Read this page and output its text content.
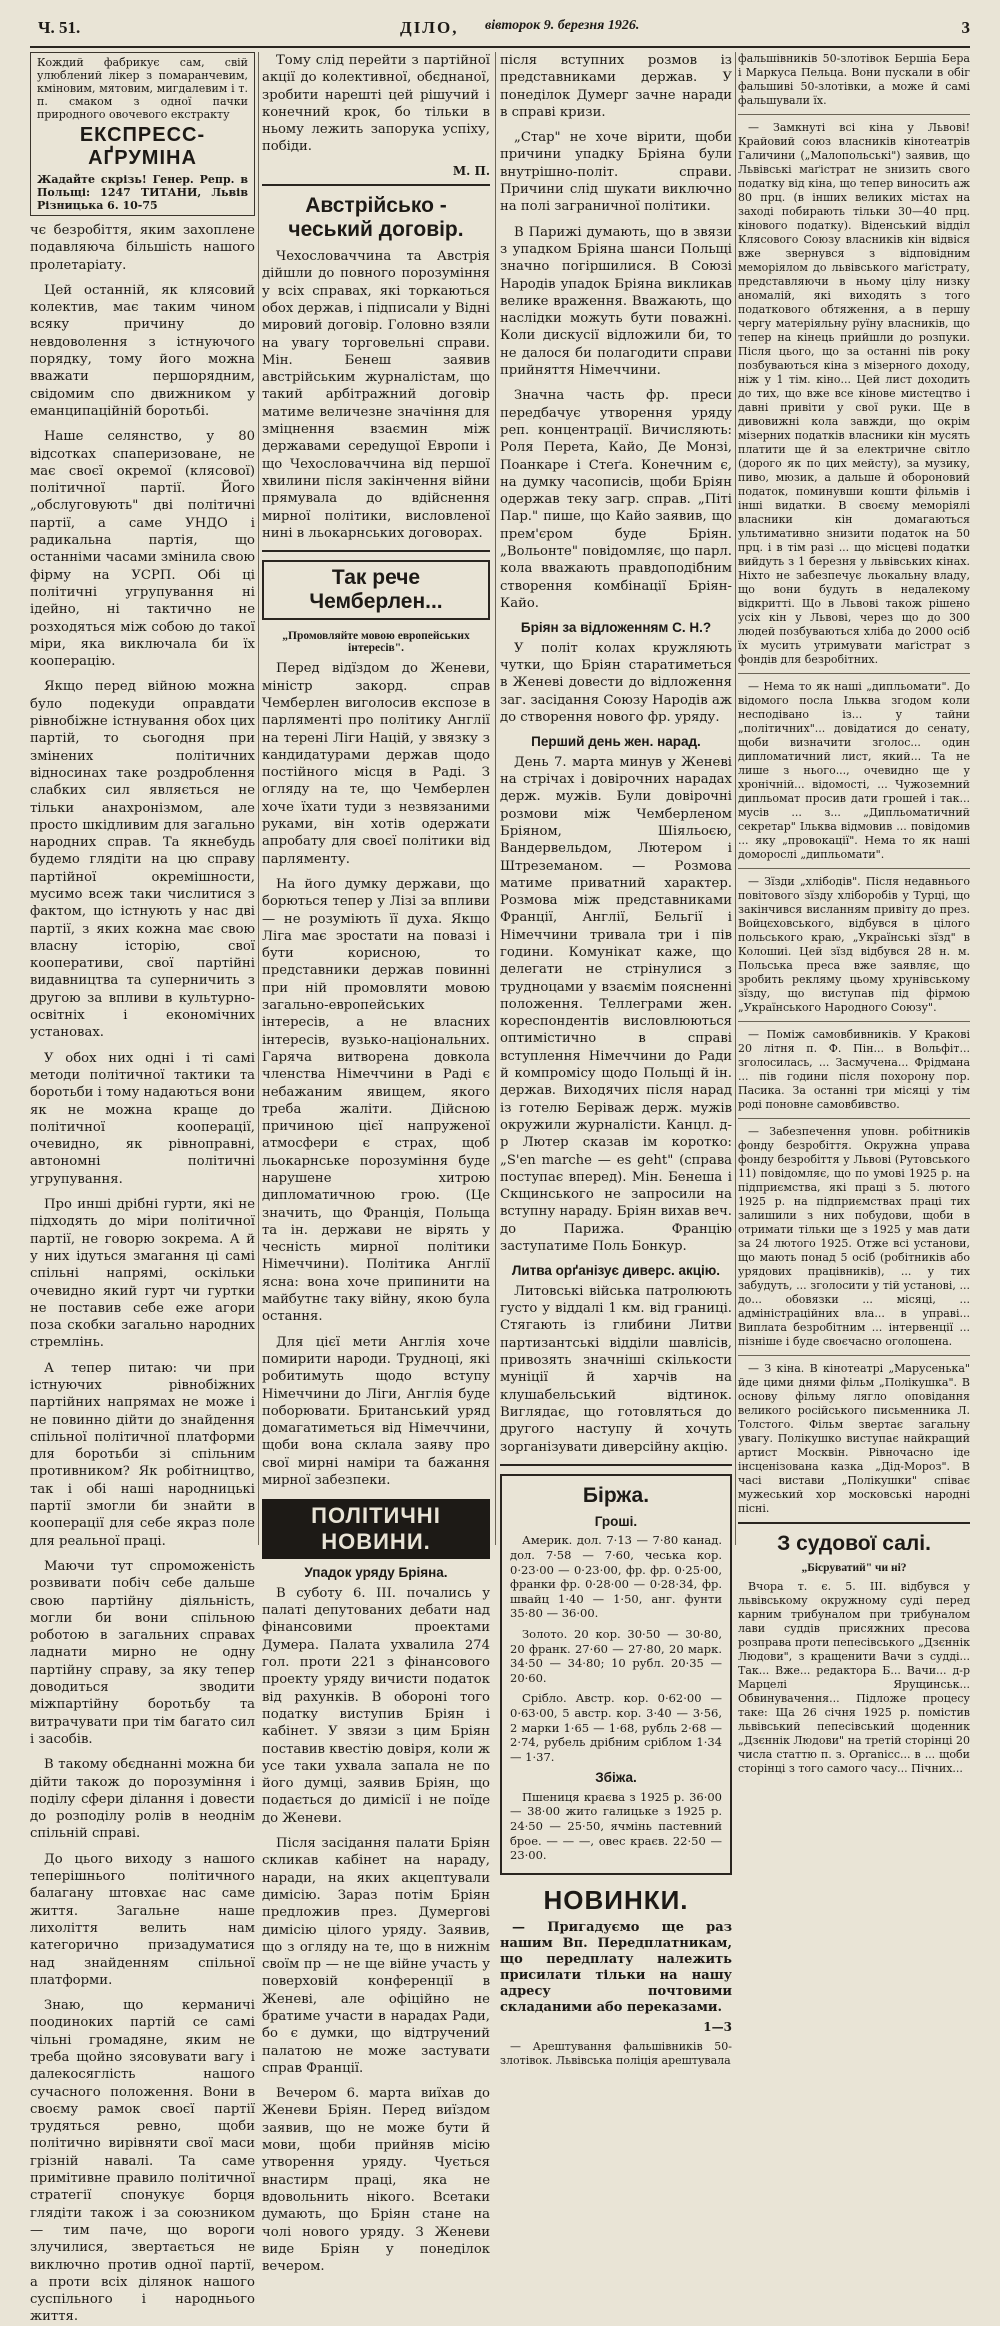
Ч. 51.	ДІЛО, вівторок 9. березня 1926.	3

Кождий фабрикує сам, свій улюблений лікер з помаранчевим, кміновим, мятовим, мигдалевим і т. п. смаком з одної пачки природного овочевого екстракту

ЕКСПРЕСС-АҐРУМІНА

Жадайте скрізь! Генер. Репр. в Польщі: 1247 ТИТАНИ, Львів Різницька 6. 10-75

чє безробіття, яким захоплене подавляюча більшість нашого пролетаріату.

Цей останній, як клясовий колектив, має таким чином всяку причину до невдоволення з істнуючого порядку, тому його можна вважати першорядним, свідомим спо движником у еманципаційній боротьбі.

Наше селянство, у 80 відсотках спаперизоване, не має своєї окремої (клясової) політичної партії. Його „обслуговують" дві політичні партії, а саме УНДО і радикальна партія, що останніми часами змінила свою фірму на УСРП. Обі ці політичні угрупування ні ідейно, ні тактично не розходяться між собою до такої міри, яка виключала би їх кооперацію.

Якщо перед війною можна було подекуди оправдати рівнобіжне істнування обох цих партій, то сьогодня при змінених політичних відносинах таке роздроблення слабких сил являється не тільки анахронізмом, але просто шкідливим для загально народних справ. Та якнебудь будемо глядіти на цю справу партійної окремішности, мусимо всеж таки числитися з фактом, що істнують у нас дві партії, з яких кожна має свою власну історію, свої кооперативи, свої партійні видавництва та суперничить з другою за впливи в культурно-освітніх і економічних установах.

У обох них одні і ті самі методи політичної тактики та боротьби і тому надаються вони як не можна краще до політичної кооперації, очевидно, як рівноправні, автономні політичні угрупування.

Про инші дрібні гурти, які не підходять до міри політичної партії, не говорю зокрема. А й у них ідуться змагання ці самі спільні напрямі, оскільки очевидно який гурт чи гуртки не поставив себе еже агори поза скобки загально народних стремлінь.

А тепер питаю: чи при істнуючих рівнобіжних партійних напрямах не може і не повинно дійти до знайдення спільної політичної платформи для боротьби зі спільним противником? Як робітництво, так і обі наші народницькі партії змогли би знайти в кооперації для себе якраз поле для реальної праці.

Маючи тут спроможеність розвивати побіч себе дальше свою партійну діяльність, могли би вони спільною роботою в загальних справах ладнати мирно не одну партійну справу, за яку тепер доводиться зводити міжпартійну боротьбу та витрачувати при тім багато сил і засобів.

В такому обєднанні можна би дійти також до порозуміння і поділу сфери ділання і довести до розподілу ролів в неоднім спільній справі.

До цього виходу з нашого теперішнього політичного балагану штовхає нас саме життя. Загальне наше лихоліття велить нам категорично призадуматися над знайденням спільної платформи.

Знаю, що керманичі поодиноких партій се самі чільні громадяне, яким не треба щойно зясовувати вагу і далекосяглість нашого сучасного положення. Вони в своєму рамок своєї партії трудяться ревно, щоби політично вирівняти свої маси грізній навалі. Та саме примітивне правило політичної стратегії спонукує борця глядіти також і за союзником — тим паче, що вороги злучилися, звертається не виключно против одної партії, а проти всіх ділянок нашого суспільного і народнього життя.

Тому слід перейти з партійної акції до колективної, обєднаної, зробити нарешті цей рішучий і конечний крок, бо тільки в ньому лежить запорука успіху, побіди.

М. П.
Австрійсько - чеський договір.

Чехословаччина та Австрія дійшли до повного порозуміння у всіх справах, які торкаються обох держав, і підписали у Відні мировий договір. Головно взяли на увагу торговельні справи. Мін. Бенеш заявив австрійським журналістам, що такий арбітражний договір матиме величезне значіння для зміцнення взаємин між державами середущої Европи і що Чехословаччина від першої хвилини після закінчення війни прямувала до вдійснення мирної політики, висловленої нині в льокарнських договорах.

Так рече Чемберлен...
„Промовляйте мовою европейських інтересів".

Перед відїздом до Женеви, міністр закорд. справ Чемберлен виголосив експозе в парляменті про політику Англії на терені Ліги Націй, у звязку з кандидатурами держав щодо постійного місця в Раді. З огляду на те, що Чемберлен хоче їхати туди з незвязаними руками, він хотів одержати апробату для своєї політики від парляменту.

На його думку держави, що борються тепер у Лізі за впливи — не розуміють її духа. Якщо Ліга має зростати на повазі і бути корисною, то представники держав повинні при ній промовляти мовою загально-европейських інтересів, а не власних інтересів, вузько-національних. Гаряча витворена довкола членства Німеччини в Раді є небажаним явищем, якого треба жаліти. Дійсною причиною цієї напруженої атмосфери є страх, щоб льокарнське порозуміння буде нарушене хитрою дипломатичною грою. (Це значить, що Франція, Польща та ін. держави не вірять у чесність мирної політики Німеччини). Політика Англії ясна: вона хоче припинити на майбутнє таку війну, якою була остання.

Для цієї мети Англія хоче помирити народи. Трудноці, які робитимуть щодо вступу Німеччини до Ліги, Англія буде поборювати. Британський уряд домагатиметься від Німеччини, щоби вона склала заяву про свої мирні наміри та бажання мирної забезпеки.

ПОЛІТИЧНІ НОВИНИ.
Упадок уряду Бріяна.

В суботу 6. III. почались у палаті депутованих дебати над фінансовими проектами Думера. Палата ухвалила 274 гол. проти 221 з фінансового проекту уряду вичисти податок від рахунків. В обороні того податку виступив Бріян і кабінет. У звязи з цим Бріян поставив квестію довіря, коли ж усе таки ухвала запала не по його думці, заявив Бріян, що подається до димісії і не поїде до Женеви.

Після засідання палати Бріян скликав кабінет на нараду, наради, на яких акцептували димісію. Зараз потім Бріян предложив през. Думергові димісію цілого уряду. Заявив, що з огляду на те, що в нижнім своїм пр — не ще війне участь у поверховій конференції в Женеві, але офіційно не братиме участи в нарадах Ради, бо є думки, що відтручений палатою не може застувати справ Франції.

Вечером 6. марта виїхав до Женеви Бріян. Перед виїздом заявив, що не може бути й мови, щоби прийняв місію утворення уряду. Чується внастирм праці, яка не вдовольнить нікого. Всетаки думають, що Бріян стане на чолі нового уряду. З Женеви виде Бріян у понеділок вечером.

після вступних розмов із представниками держав. У понеділок Думерг зачне наради в справі кризи.

„Стар" не хоче вірити, щоби причини упадку Бріяна були внутрішно-політ. справи. Причини слід шукати виключно на полі заграничної політики.

В Парижі думають, що в звязи з упадком Бріяна шанси Польщі значно погіршилися. В Союзі Народів упадок Бріяна викликав велике враження. Вважають, що наслідки можуть бути поважні. Коли дискусії відложили би, то не далося би полагодити справи прийняття Німеччини.

Значна часть фр. преси передбачує утворення уряду реп. концентрації. Вичисляють: Роля Перета, Кайо, Де Монзі, Поанкаре і Стеґа. Конечним є, на думку часописів, щоби Бріян одержав теку загр. справ. „Піті Пар." пише, що Кайо заявив, що прем'єром буде Бріян. „Вольонте" повідомляє, що парл. кола вважають правдоподібним створення комбінації Бріян-Кайо.

Бріян за відложенням С. Н.?

У політ колах кружляють чутки, що Бріян старатиметься в Женеві довести до відложення заг. засідання Союзу Народів аж до створення нового фр. уряду.

Перший день жен. нарад.

День 7. марта минув у Женеві на стрічах і довірочних нарадах держ. мужів. Були довірочні розмови між Чемберленом Бріяном, Шіяльоєю, Вандервельдом, Лютером і Штреземаном. — Розмова матиме приватний характер. Розмова між представниками Франції, Англії, Бельгії і Німеччини тривала три і пів години. Комунікат каже, що делегати не стрінулися з трудноцами у взаємім поясненні положення. Теллеграми жен. кореспондентів висловлюються оптимістично в справі вступлення Німеччини до Ради й компромісу щодо Польщі й ін. держав. Виходячих після нарад із готелю Беріваж держ. мужів окружили журналісти. Канцл. д-р Лютер сказав ім коротко: „S'en marche — es geht" (справа поступає вперед). Мін. Бенеша і Скщинського не запросили на вступну нараду. Бріян вихав веч. до Парижа. Францію заступатиме Поль Бонкур.

Литва орґанізує диверс. акцію.

Литовські війська патролюють густо у віддалі 1 км. від границі. Стягають із глибини Литви партизантські відділи шавлісів, привозять значніші скількости муніції й харчів на клушабельський відтинок. Виглядає, що готовляться до другого наступу й хочуть зорганізувати диверсійну акцію.

Біржа.
Гроші.

Америк. дол. 7·13 — 7·80 канад. дол. 7·58 — 7·60, чеська кор. 0·23·00 — 0·23·00, фр. фр. 0·25·00, франки фр. 0·28·00 — 0·28·34, фр. швайц 1·40 — 1·50, анг. фунти 35·80 — 36·00.

Золото. 20 кор. 30·50 — 30·80, 20 франк. 27·60 — 27·80, 20 марк. 34·50 — 34·80; 10 рубл. 20·35 — 20·60.

Срібло. Австр. кор. 0·62·00 — 0·63·00, 5 австр. кор. 3·40 — 3·56, 2 марки 1·65 — 1·68, рубль 2·68 — 2·74, рубель дрібним сріблом 1·34 — 1·37.

Збіжа.

Пшениця краєва з 1925 р. 36·00 — 38·00 жито галицьке з 1925 р. 24·50 — 25·50, ячмінь пастевний брое. — — —, овес краєв. 22·50 — 23·00.

НОВИНКИ.

— Пригадуємо ще раз нашим Вп. Передплатникам, що передплату належить присилати тільки на нашу адресу почтовими складаними або переказами.

1—3

— Арештування фальшівників 50-злотівок. Львівська поліція арештувала

фальшівників 50-злотівок Бершіа Бера і Маркуса Пельца. Вони пускали в обіг фальшиві 50-злотівки, а може й самі фальшували їх.

— Замкнуті всі кіна у Львові! Крайовий союз власників кінотеатрів Галичини („Малопольські") заявив, що Львівські маґістрат не знизить свого податку від кіна, що тепер виносить аж 80 прц. (в інших великих містах на заході побирають тільки 30—40 прц. кінового податку). Віденський відділ Клясового Союзу власників кін відвіся вже звернувся з відповідним меморіялом до львівського маґістрату, представляючи в ньому цілу низку аномалій, які виходять з того податкового обтяження, а в першу чергу матеріяльну руїну власників, що тепер на кінець прийшли до розпуки. Після цього, що за останні пів року позбуваються кіна з мізерного доходу, ніж у 1 тім. кіно... Цей лист доходить до тих, що вже все кінове мистецтво і давні привіти у свої руки. Ще в дивовижні кола завжди, що окрім мізерних податків власники кін мусять платити ще й за електричне світло (дорого як по цих мейсту), за музику, пиво, мюзик, а дальше й обороновий податок, поминувши кошти фільмів і інші видатки. В своєму меморіялі власники кін домагаються ультимативно знизити податок на 50 прц. і в тім разі ... що місцеві податки вийдуть з 1 березня у львівських кінах. Ніхто не забезпечує льокальну владу, що вони будуть в недалекому відкритті. Що в Львові також рішено усіх кін у Львові, через що до 300 людей позбуваються хліба до 2000 осіб їх мусить утримувати маґістрат з фондів для безробітних.

— Нема то як наші „дипльомати". До відомого посла Ільква згодом коли несподівано із... у тайни „політичних"... довідатися до сенату, щоби визначити зголос... один дипломатичний лист, який... Та не лише з нього..., очевидно ще у хронічній... відомості, ... Чужоземний дипльомат просив дати грошей і так... мусів ... з... „Дипльоматичний секретар" Ільква відмовив ... повідомив ... яку „провокації". Нема то як наші доморослі „дипльомати".

— Зїзди „хлібодів". Після недавнього повітового зїзду хліборобів у Турці, що закінчився висланням привіту до през. Войцєховського, відбувся в цілого польського краю, „Українські зїзд" в Колошиі. Цей зїзд відбувся 28 н. м. Польська преса вже заявляє, що зробить рекляму цьому хрунівському зїзду, що виступав під фірмою „Українського Народного Союзу".

— Поміж самовбивників. У Кракові 20 літня п. Ф. Пін... в Вольфіт... зголосилась, ... Засмучена... Фрідмана ... пів години після похорону пор. Пасика. За останні три місяці у тім роді поновне самовбивство.

— Забезпечення уповн. робітників фонду безробіття. Окружна управа фонду безробіття у Львові (Рутовського 11) повідомляє, що по умові 1925 р. на підприємства, які праці з 5. лютого 1925 р. на підприємствах праці тих залишили з них побудови, щоби в отримати тільки ще з 1925 у мав дати за 24 лютого 1925. Отже всі установи, що мають понад 5 осіб (робітників або урядових працівників), ... у тих забудуть, ... зголосити у тій установі, ... до... обовязки ... місяці, ... адміністраційних вла... в управі... Виплата безробітним ... інтервенції ... пізніше і буде своєчасно оголошена.

— З кіна. В кінотеатрі „Марусенька" йде цими днями фільм „Полікушка". В основу фільму лягло оповідання великого російського письменника Л. Толстого. Фільм звертає загальну увагу. Полікушко виступає найкращий артист Москвін. Рівночасно іде інсценізована казка „Дід-Мороз". В часі вистави „Полікушки" співає мужеський хор московські народні пісні.

З судової салі.
„Бісруватий" чи ні?

Вчора т. є. 5. III. відбувся у львівському окружному суді перед карним трибуналом при трибуналом лави суддів присяжних пресова розправа проти пепесівського „Дзєннік Людови", з кращенити Вачи з судді... Так... Вже... редактора Б... Вачи... д-р Марцелі Ярущинськ... Обвинувачення... Підложе процесу таке: Ща 26 січня 1925 р. помістив львівський пепесівський щоденник „Дзєннік Людови" на третій сторінці 20 числа статтю п. з. Oрrаnісс... в ... щоби сторінці з того самого часу... Пічних...
